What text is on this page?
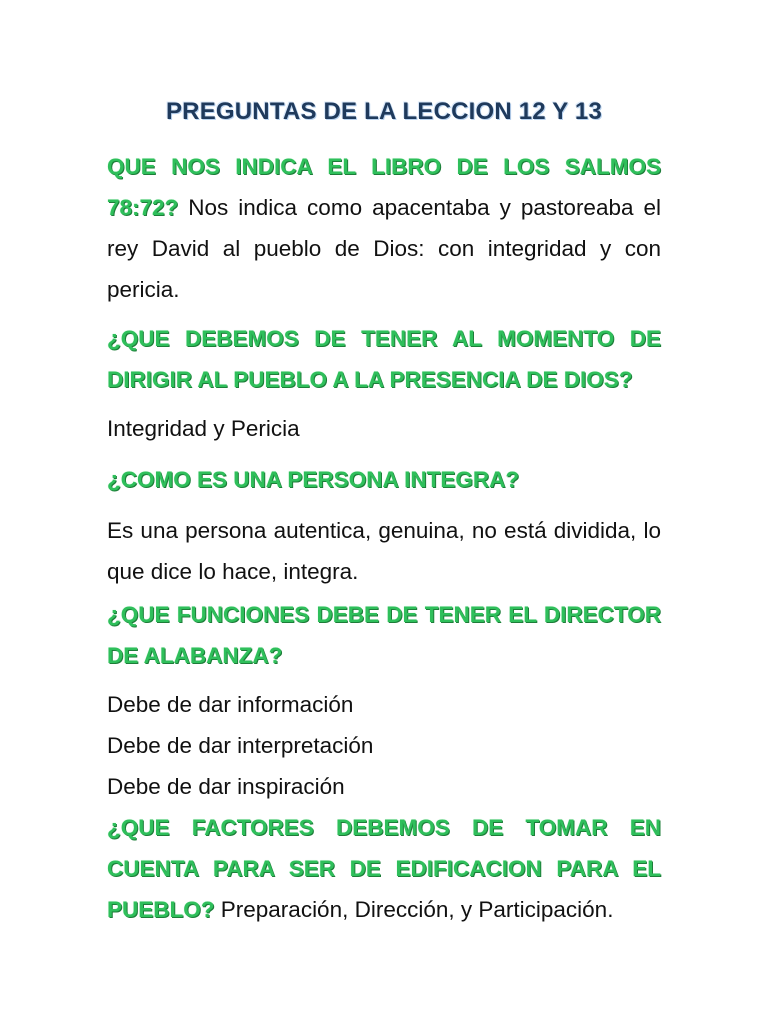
PREGUNTAS DE LA LECCION 12 Y 13

QUE NOS INDICA EL LIBRO DE LOS SALMOS 78:72? Nos indica como apacentaba y pastoreaba el rey David al pueblo de Dios: con integridad y con pericia.

¿QUE DEBEMOS DE TENER AL MOMENTO DE DIRIGIR AL PUEBLO A LA PRESENCIA DE DIOS?

Integridad y Pericia

¿COMO ES UNA PERSONA INTEGRA?

Es una persona autentica, genuina, no está dividida, lo que dice lo hace, integra.

¿QUE FUNCIONES DEBE DE TENER EL DIRECTOR DE ALABANZA?

Debe de dar información

Debe de dar interpretación

Debe de dar inspiración

¿QUE FACTORES DEBEMOS DE TOMAR EN CUENTA PARA SER DE EDIFICACION PARA EL PUEBLO? Preparación, Dirección, y Participación.
